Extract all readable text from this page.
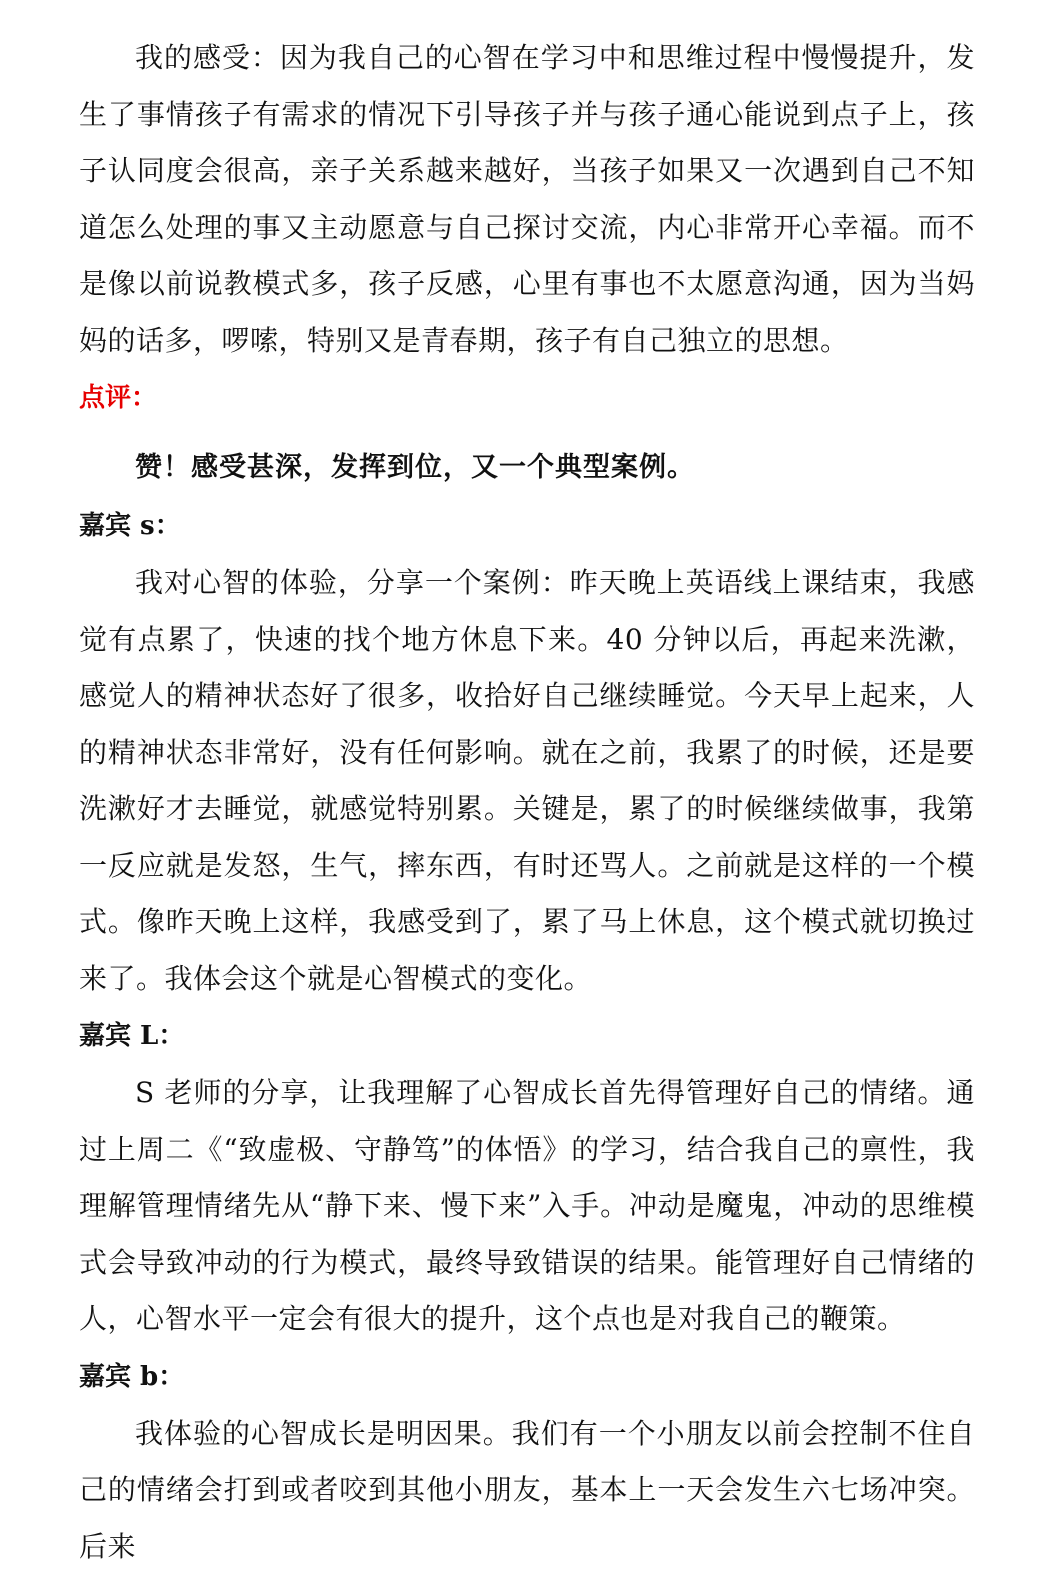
我的感受：因为我自己的心智在学习中和思维过程中慢慢提升，发生了事情孩子有需求的情况下引导孩子并与孩子通心能说到点子上，孩子认同度会很高，亲子关系越来越好，当孩子如果又一次遇到自己不知道怎么处理的事又主动愿意与自己探讨交流，内心非常开心幸福。而不是像以前说教模式多，孩子反感，心里有事也不太愿意沟通，因为当妈妈的话多，啰嗦，特别又是青春期，孩子有自己独立的思想。

点评：

赞！感受甚深，发挥到位，又一个典型案例。

嘉宾 s：

我对心智的体验，分享一个案例：昨天晚上英语线上课结束，我感觉有点累了，快速的找个地方休息下来。40 分钟以后，再起来洗漱，感觉人的精神状态好了很多，收拾好自己继续睡觉。今天早上起来，人的精神状态非常好，没有任何影响。就在之前，我累了的时候，还是要洗漱好才去睡觉，就感觉特别累。关键是，累了的时候继续做事，我第一反应就是发怒，生气，摔东西，有时还骂人。之前就是这样的一个模式。像昨天晚上这样，我感受到了，累了马上休息，这个模式就切换过来了。我体会这个就是心智模式的变化。

嘉宾 L：

S 老师的分享，让我理解了心智成长首先得管理好自己的情绪。通过上周二《“致虚极、守静笃”的体悟》的学习，结合我自己的禀性，我理解管理情绪先从“静下来、慢下来”入手。冲动是魔鬼，冲动的思维模式会导致冲动的行为模式，最终导致错误的结果。能管理好自己情绪的人，心智水平一定会有很大的提升，这个点也是对我自己的鞭策。

嘉宾 b：

我体验的心智成长是明因果。我们有一个小朋友以前会控制不住自己的情绪会打到或者咬到其他小朋友，基本上一天会发生六七场冲突。后来
